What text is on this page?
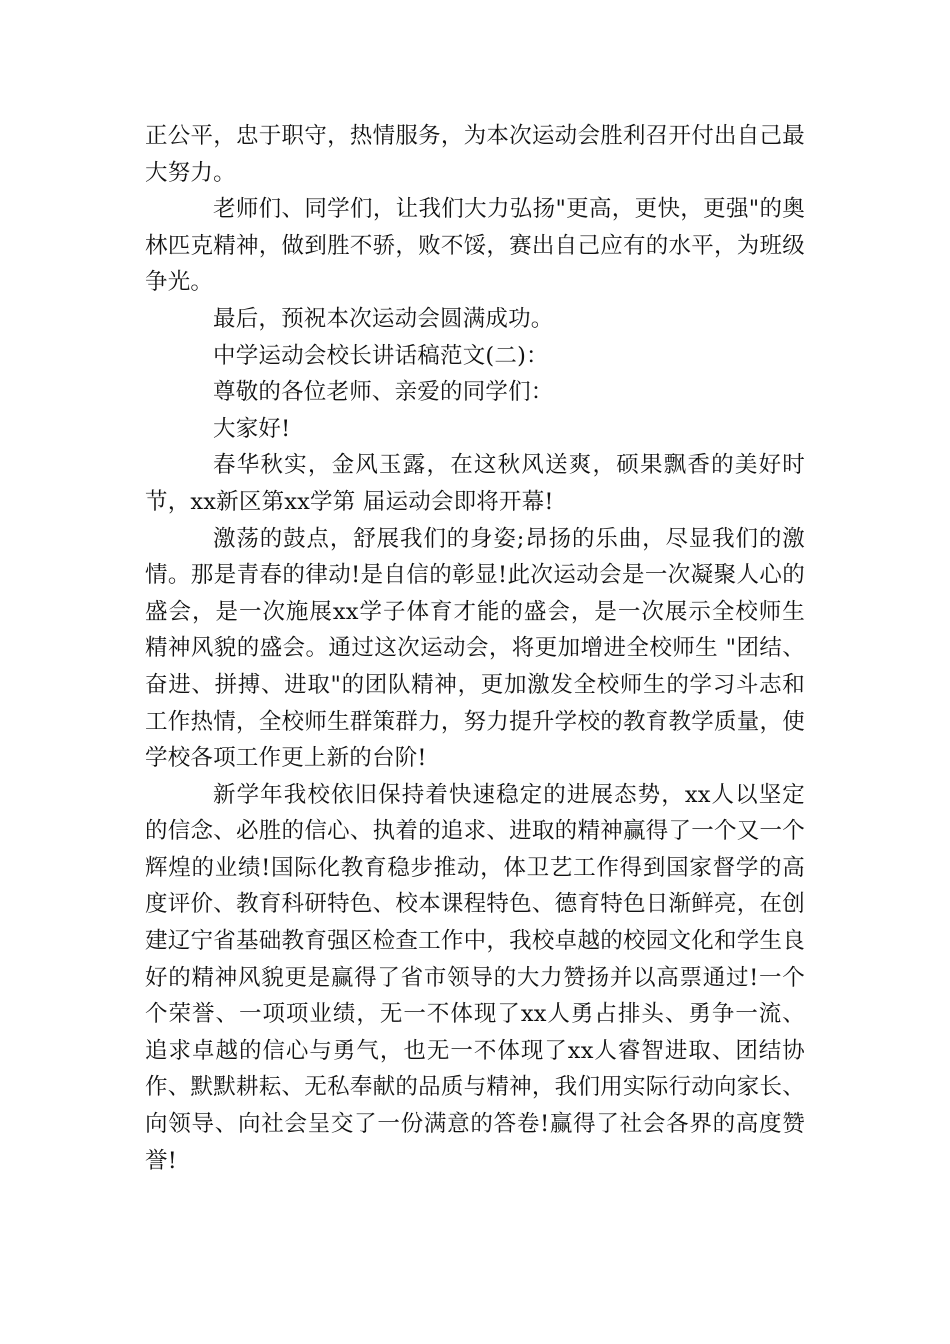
正公平，忠于职守，热情服务，为本次运动会胜利召开付出自己最大努力。

老师们、同学们，让我们大力弘扬"更高，更快，更强"的奥林匹克精神，做到胜不骄，败不馁，赛出自己应有的水平，为班级争光。

最后，预祝本次运动会圆满成功。

中学运动会校长讲话稿范文(二)：

尊敬的各位老师、亲爱的同学们：

大家好!

春华秋实，金风玉露，在这秋风送爽，硕果飘香的美好时节，xx新区第xx学第 届运动会即将开幕!

激荡的鼓点，舒展我们的身姿;昂扬的乐曲，尽显我们的激情。那是青春的律动!是自信的彰显!此次运动会是一次凝聚人心的盛会，是一次施展xx学子体育才能的盛会，是一次展示全校师生精神风貌的盛会。通过这次运动会，将更加增进全校师生 "团结、奋进、拼搏、进取"的团队精神，更加激发全校师生的学习斗志和工作热情，全校师生群策群力，努力提升学校的教育教学质量，使学校各项工作更上新的台阶!

新学年我校依旧保持着快速稳定的进展态势，xx人以坚定的信念、必胜的信心、执着的追求、进取的精神赢得了一个又一个辉煌的业绩!国际化教育稳步推动，体卫艺工作得到国家督学的高度评价、教育科研特色、校本课程特色、德育特色日渐鲜亮，在创建辽宁省基础教育强区检查工作中，我校卓越的校园文化和学生良好的精神风貌更是赢得了省市领导的大力赞扬并以高票通过!一个个荣誉、一项项业绩，无一不体现了xx人勇占排头、勇争一流、追求卓越的信心与勇气，也无一不体现了xx人睿智进取、团结协作、默默耕耘、无私奉献的品质与精神，我们用实际行动向家长、向领导、向社会呈交了一份满意的答卷!赢得了社会各界的高度赞誉!
